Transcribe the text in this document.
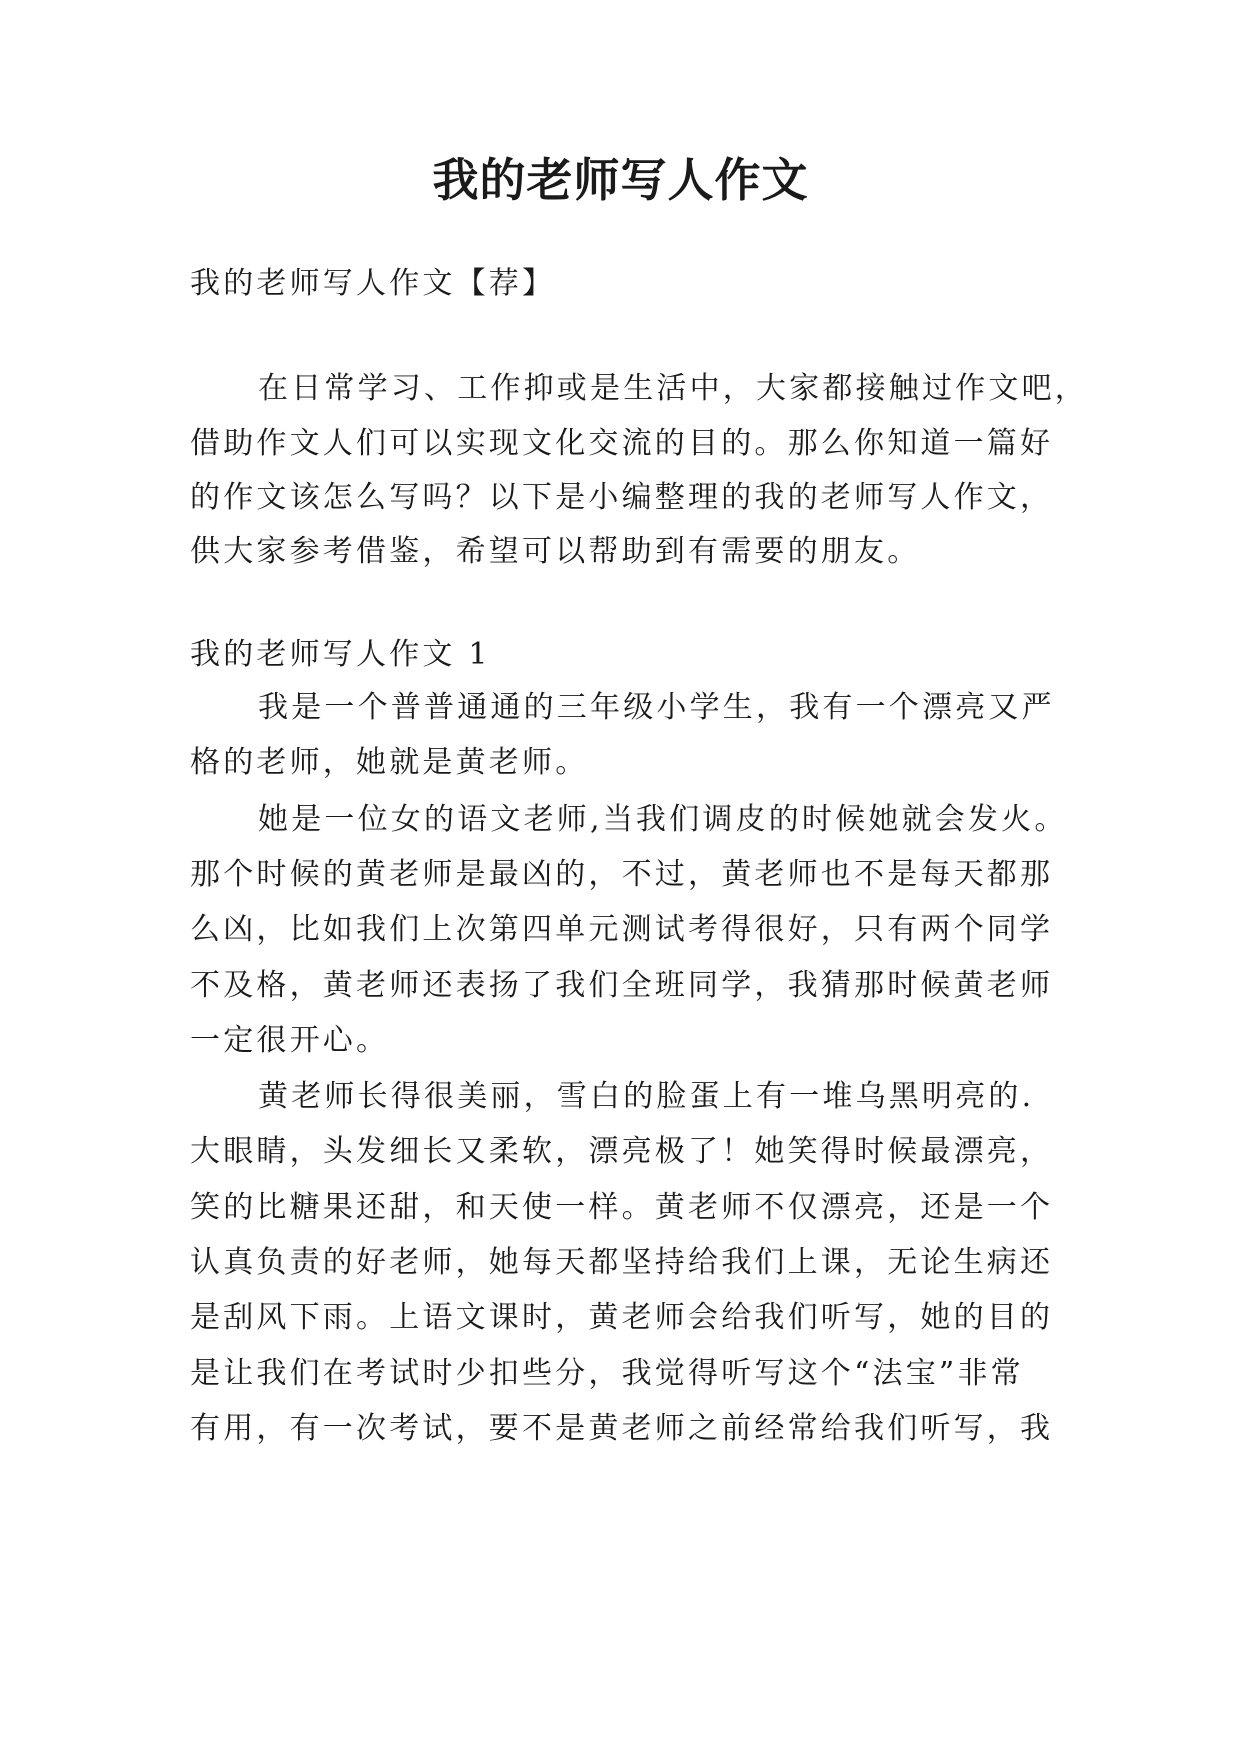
我的老师写人作文
我的老师写人作文【荐】
在日常学习、工作抑或是生活中，大家都接触过作文吧，
借助作文人们可以实现文化交流的目的。那么你知道一篇好
的作文该怎么写吗？以下是小编整理的我的老师写人作文，
供大家参考借鉴，希望可以帮助到有需要的朋友。
我的老师写人作文 1
我是一个普普通通的三年级小学生，我有一个漂亮又严
格的老师，她就是黄老师。
她是一位女的语文老师,当我们调皮的时候她就会发火。
那个时候的黄老师是最凶的，不过，黄老师也不是每天都那
么凶，比如我们上次第四单元测试考得很好，只有两个同学
不及格，黄老师还表扬了我们全班同学，我猜那时候黄老师
一定很开心。
黄老师长得很美丽，雪白的脸蛋上有一堆乌黑明亮的.
大眼睛，头发细长又柔软，漂亮极了！她笑得时候最漂亮，
笑的比糖果还甜，和天使一样。黄老师不仅漂亮，还是一个
认真负责的好老师，她每天都坚持给我们上课，无论生病还
是刮风下雨。上语文课时，黄老师会给我们听写，她的目的
是让我们在考试时少扣些分，我觉得听写这个“法宝”非常
有用，有一次考试，要不是黄老师之前经常给我们听写，我
